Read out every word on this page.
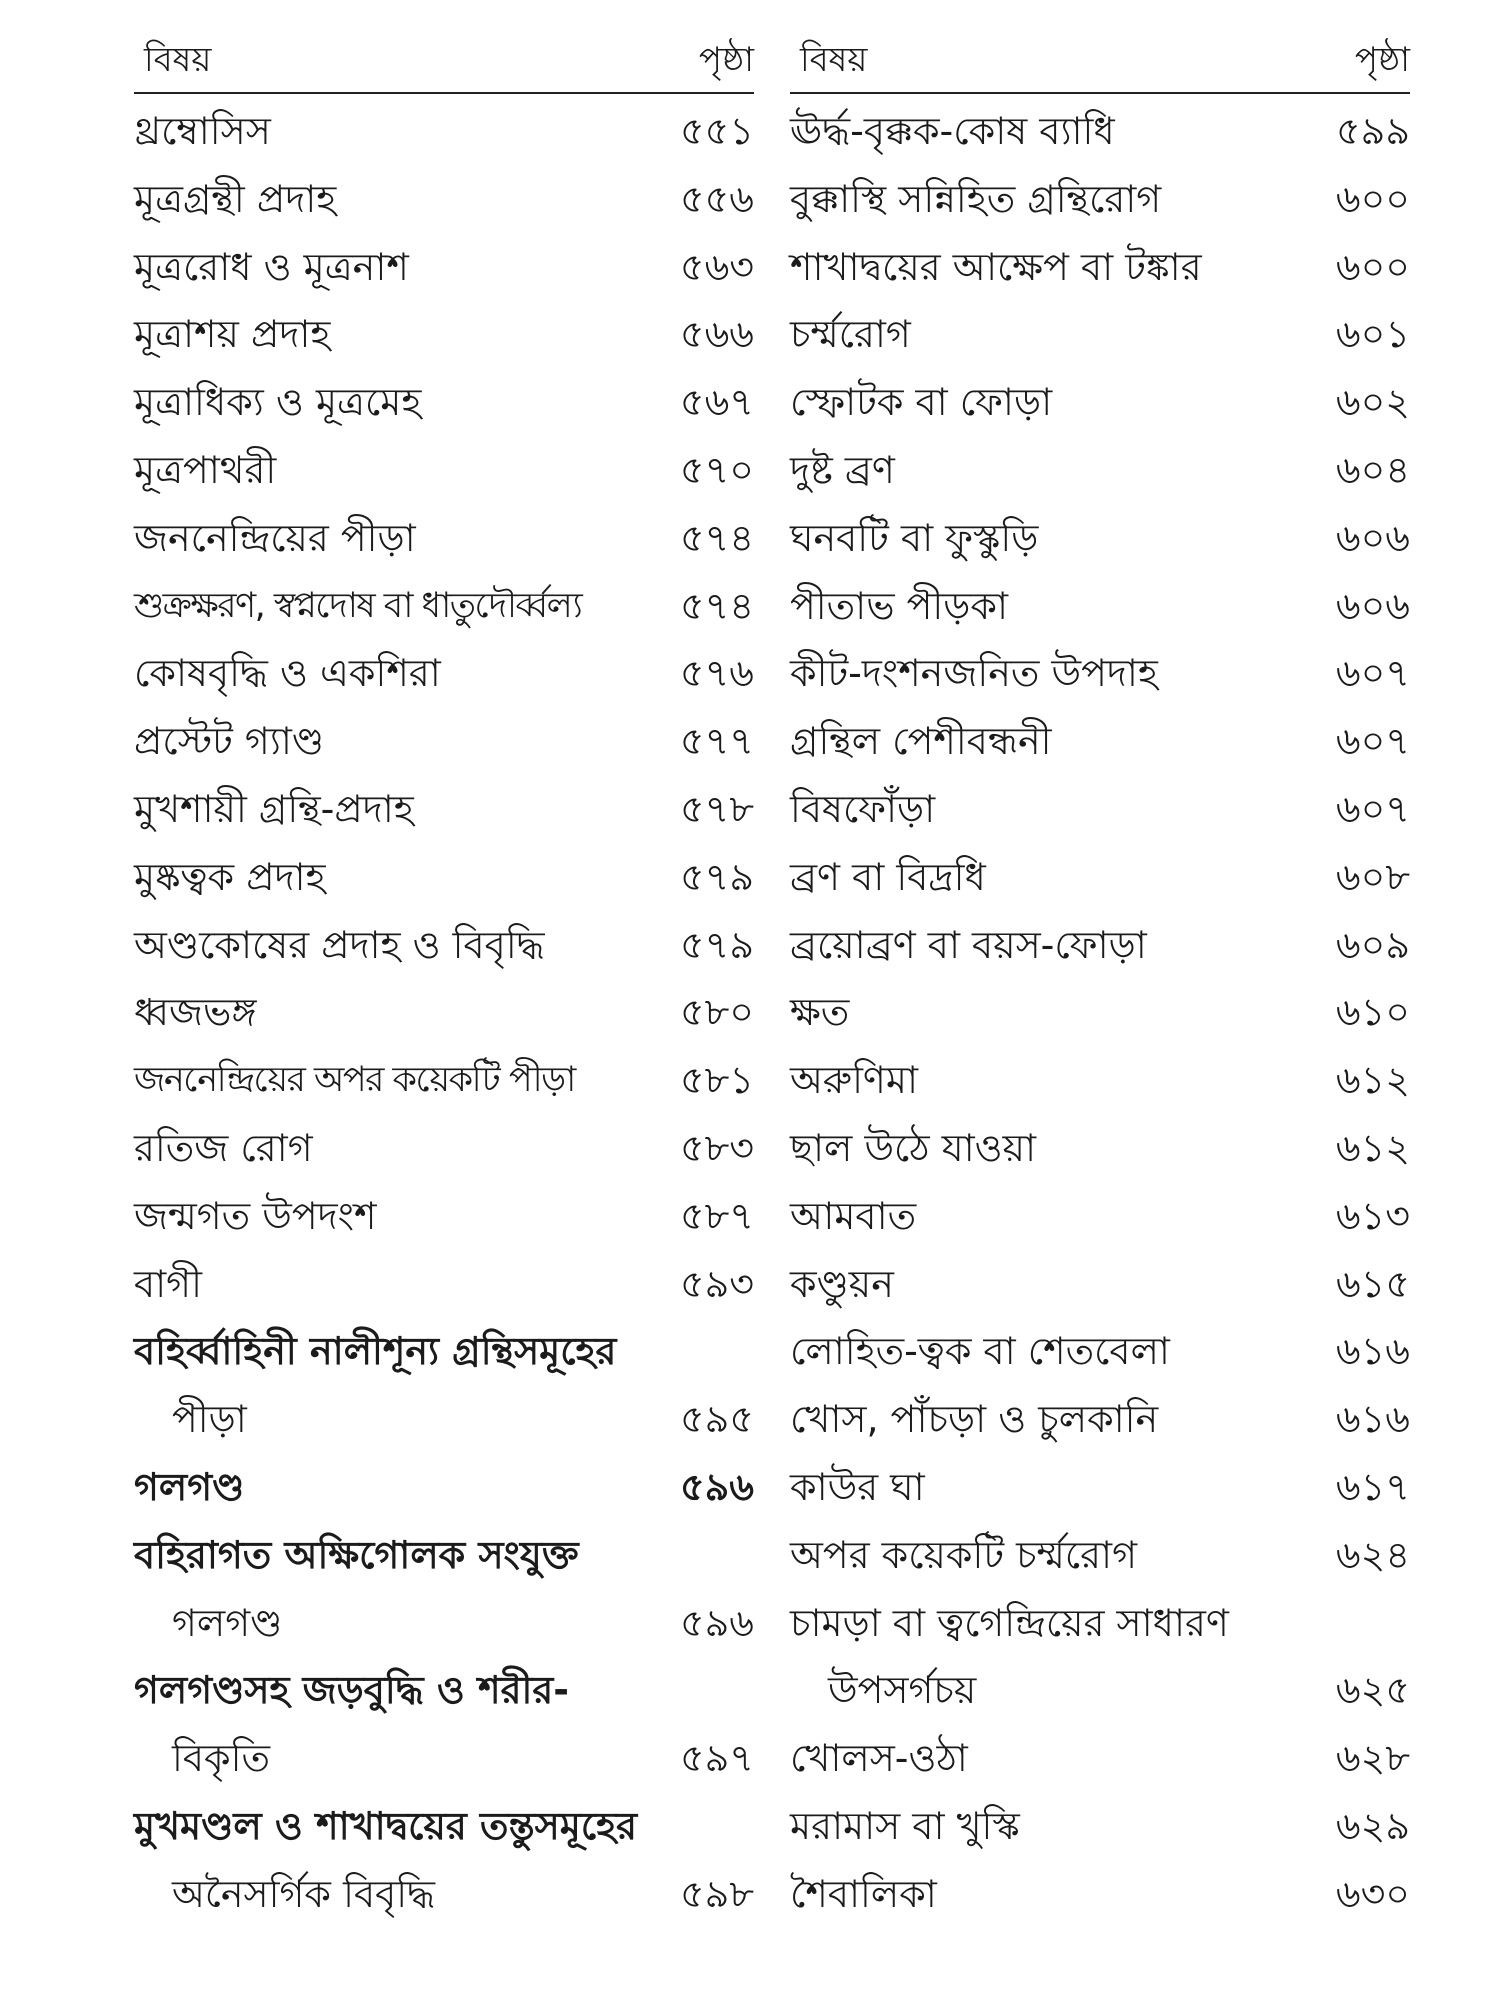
বিষয়	পৃষ্ঠা
থ্রম্বোসিস	৫৫১
মূত্রগ্রন্থী প্রদাহ	৫৫৬
মূত্ররোধ ও মূত্রনাশ	৫৬৩
মূত্রাশয় প্রদাহ	৫৬৬
মূত্রাধিক্য ও মূত্রমেহ	৫৬৭
মূত্রপাথরী	৫৭০
জননেন্দ্রিয়ের পীড়া	৫৭৪
শুক্রক্ষরণ, স্বপ্নদোষ বা ধাতুদৌর্ব্বল্য	৫৭৪
কোষবৃদ্ধি ও একশিরা	৫৭৬
প্রস্টেট গ্যাণ্ড	৫৭৭
মুখশায়ী গ্রন্থি-প্রদাহ	৫৭৮
মুষ্কত্বক প্রদাহ	৫৭৯
অণ্ডকোষের প্রদাহ ও বিবৃদ্ধি	৫৭৯
ধ্বজভঙ্গ	৫৮০
জননেন্দ্রিয়ের অপর কয়েকটি পীড়া	৫৮১
রতিজ রোগ	৫৮৩
জন্মগত উপদংশ	৫৮৭
বাগী	৫৯৩
বহির্ব্বাহিনী নালীশূন্য গ্রন্থিসমূহের
পীড়া	৫৯৫
গলগণ্ড	৫৯৬
বহিরাগত অক্ষিগোলক সংযুক্ত
গলগণ্ড	৫৯৬
গলগণ্ডসহ জড়বুদ্ধি ও শরীর-
বিকৃতি	৫৯৭
মুখমণ্ডল ও শাখাদ্বয়ের তন্তুসমূহের
অনৈসর্গিক বিবৃদ্ধি	৫৯৮
বিষয়	পৃষ্ঠা
ঊর্দ্ধ-বৃক্কক-কোষ ব্যাধি	৫৯৯
বুক্কাস্থি সন্নিহিত গ্রন্থিরোগ	৬০০
শাখাদ্বয়ের আক্ষেপ বা টঙ্কার	৬০০
চর্ম্মরোগ	৬০১
স্ফোটক বা ফোড়া	৬০২
দুষ্ট ব্রণ	৬০৪
ঘনবটি বা ফুস্কুড়ি	৬০৬
পীতাভ পীড়কা	৬০৬
কীট-দংশনজনিত উপদাহ	৬০৭
গ্রন্থিল পেশীবন্ধনী	৬০৭
বিষফোঁড়া	৬০৭
ব্রণ বা বিদ্রধি	৬০৮
ব্রয়োব্রণ বা বয়স-ফোড়া	৬০৯
ক্ষত	৬১০
অরুণিমা	৬১২
ছাল উঠে যাওয়া	৬১২
আমবাত	৬১৩
কণ্ডুয়ন	৬১৫
লোহিত-ত্বক বা শেতবেলা	৬১৬
খোস, পাঁচড়া ও চুলকানি	৬১৬
কাউর ঘা	৬১৭
অপর কয়েকটি চর্ম্মরোগ	৬২৪
চামড়া বা ত্বগেন্দ্রিয়ের সাধারণ
উপসর্গচয়	৬২৫
খোলস-ওঠা	৬২৮
মরামাস বা খুস্কি	৬২৯
শৈবালিকা	৬৩০
